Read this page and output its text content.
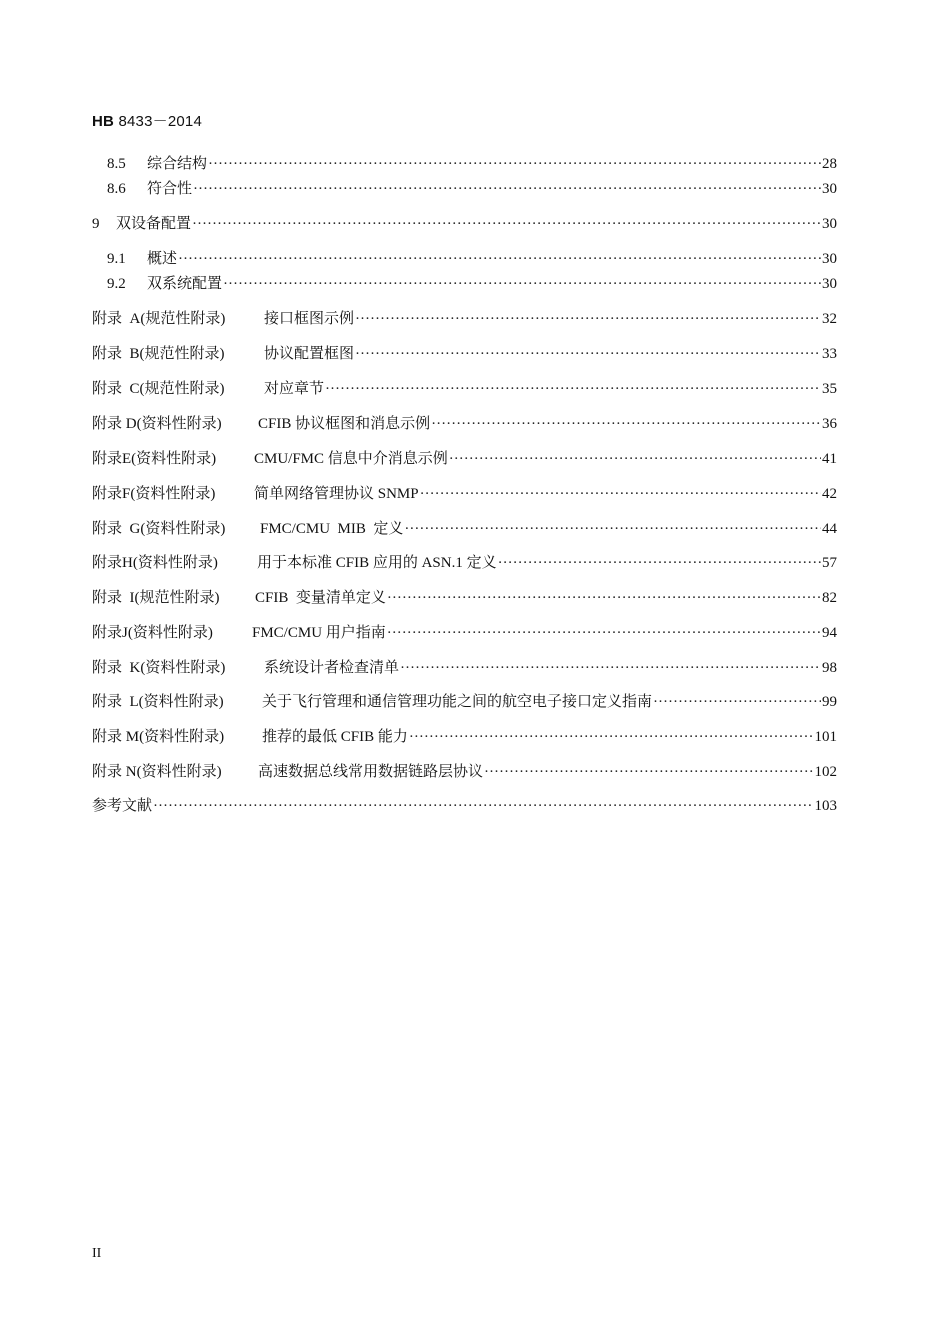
HB 8433－2014
8.5	综合结构 ·····	28
8.6	符合性 ·····	30
9	双设备配置 ·····	30
9.1	概述 ·····	30
9.2	双系统配置 ·····	30
附录  A(规范性附录)	接口框图示例 ·····	32
附录  B(规范性附录)	协议配置框图 ·····	33
附录  C(规范性附录)	对应章节 ·····	35
附录 D(资料性附录)	CFIB 协议框图和消息示例 ·····	36
附录E(资料性附录)	CMU/FMC 信息中介消息示例 ·····	41
附录F(资料性附录)	简单网络管理协议 SNMP ·····	42
附录  G(资料性附录)	FMC/CMU  MIB  定义 ·····	44
附录H(资料性附录)	用于本标准 CFIB 应用的 ASN.1 定义 ·····	57
附录  I(规范性附录)	CFIB  变量清单定义 ·····	82
附录J(资料性附录)	FMC/CMU 用户指南 ·····	94
附录  K(资料性附录)	系统设计者检查清单 ·····	98
附录  L(资料性附录)	关于飞行管理和通信管理功能之间的航空电子接口定义指南 ·····	99
附录 M(资料性附录)	推荐的最低 CFIB 能力 ·····	101
附录 N(资料性附录)	高速数据总线常用数据链路层协议 ·····	102
参考文献 ·····	103
II
